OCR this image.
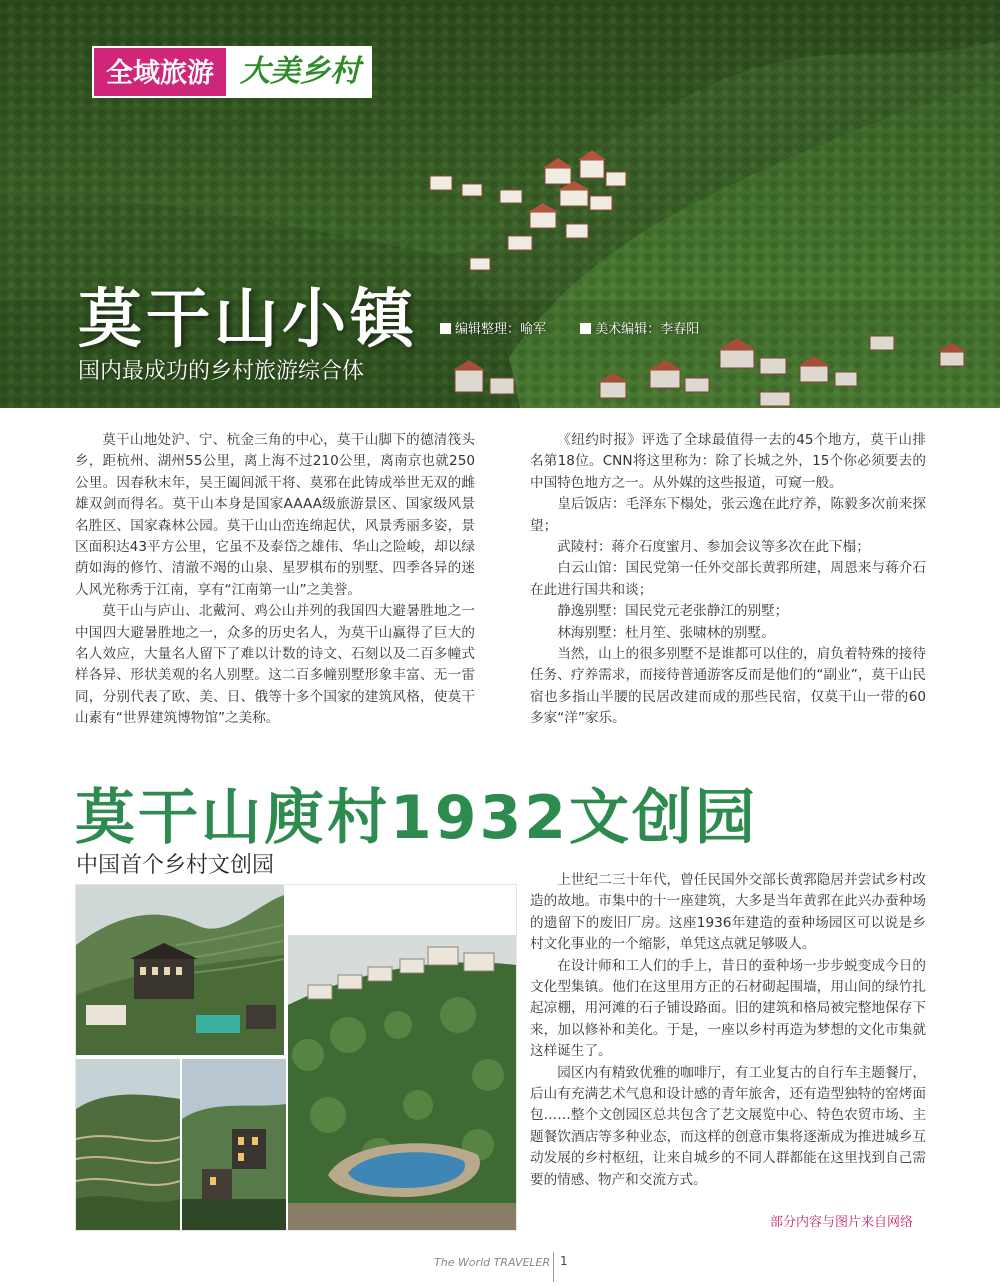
全域旅游 大美乡村
莫干山小镇	编辑整理：喻军	美术编辑：李春阳

国内最成功的乡村旅游综合体

莫干山地处沪、宁、杭金三角的中心，莫干山脚下的德清筏头乡，距杭州、湖州55公里，离上海不过210公里，离南京也就250公里。因春秋末年，吴王阖闾派干将、莫邪在此铸成举世无双的雌雄双剑而得名。莫干山本身是国家AAAA级旅游景区、国家级风景名胜区、国家森林公园。莫干山山峦连绵起伏，风景秀丽多姿，景区面积达43平方公里，它虽不及泰岱之雄伟、华山之险峻，却以绿荫如海的修竹、清澈不竭的山泉、星罗棋布的别墅、四季各异的迷人风光称秀于江南，享有“江南第一山”之美誉。

莫干山与庐山、北戴河、鸡公山并列的我国四大避暑胜地之一中国四大避暑胜地之一，众多的历史名人，为莫干山赢得了巨大的名人效应，大量名人留下了难以计数的诗文、石刻以及二百多幢式样各异、形状美观的名人别墅。这二百多幢别墅形象丰富、无一雷同，分别代表了欧、美、日、俄等十多个国家的建筑风格，使莫干山素有“世界建筑博物馆”之美称。

《纽约时报》评选了全球最值得一去的45个地方，莫干山排名第18位。CNN将这里称为：除了长城之外，15个你必须要去的中国特色地方之一。从外媒的这些报道，可窥一般。

皇后饭店：毛泽东下榻处，张云逸在此疗养，陈毅多次前来探望；

武陵村：蒋介石度蜜月、参加会议等多次在此下榻；

白云山馆：国民党第一任外交部长黄郛所建，周恩来与蒋介石在此进行国共和谈；

静逸别墅：国民党元老张静江的别墅；

林海别墅：杜月笙、张啸林的别墅。

当然，山上的很多别墅不是谁都可以住的，肩负着特殊的接待任务、疗养需求，而接待普通游客反而是他们的“副业”，莫干山民宿也多指山半腰的民居改建而成的那些民宿，仅莫干山一带的60多家“洋”家乐。

莫干山庾村1932文创园

中国首个乡村文创园

上世纪二三十年代，曾任民国外交部长黄郛隐居并尝试乡村改造的故地。市集中的十一座建筑，大多是当年黄郛在此兴办蚕种场的遗留下的废旧厂房。这座1936年建造的蚕种场园区可以说是乡村文化事业的一个缩影，单凭这点就足够吸人。

在设计师和工人们的手上，昔日的蚕种场一步步蜕变成今日的文化型集镇。他们在这里用方正的石材砌起围墙，用山间的绿竹扎起凉棚，用河滩的石子铺设路面。旧的建筑和格局被完整地保存下来，加以修补和美化。于是，一座以乡村再造为梦想的文化市集就这样诞生了。

园区内有精致优雅的咖啡厅，有工业复古的自行车主题餐厅，后山有充满艺术气息和设计感的青年旅舍，还有造型独特的窑烤面包……整个文创园区总共包含了艺文展览中心、特色农贸市场、主题餐饮酒店等多种业态，而这样的创意市集将逐渐成为推进城乡互动发展的乡村枢纽，让来自城乡的不同人群都能在这里找到自己需要的情感、物产和交流方式。

部分内容与图片来自网络
The World TRAVELER 1
